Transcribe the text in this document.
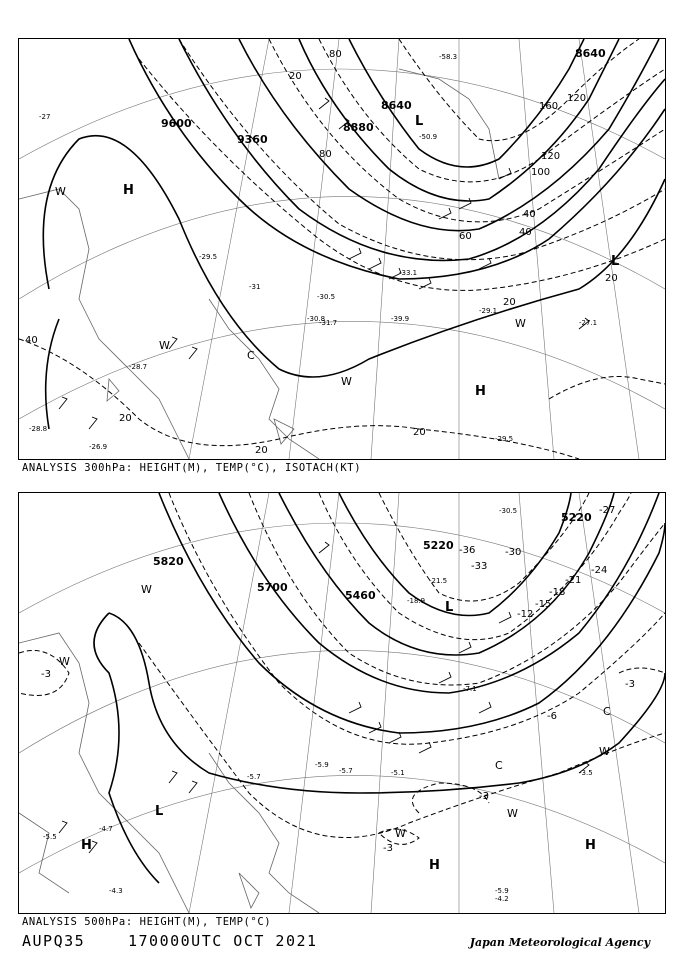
9600
9360
8880
8640
8640
20
40
20
40
80
120
160
100
40
60
20
20
20
20
120
80
H
H
L
L
W
C
W
W
W
-27
-31
-29.5
-28.7
-30.5
-33.1
-30.8
-31.7
-29.1
-39.9
-50.9
-58.3
-28.8
-29.5
-26.9
-27.1
ANALYSIS 300hPa: HEIGHT(M), TEMP(°C), ISOTACH(KT)
5820
5700
5460
5220
5220
-3
-3
-3
-3
-30
-36
-33
-27
-24
-21
-18
-15
-12
-6
H
H
H
L
L
W
W
W
C
C
W
W
-5.5
-4.7
-5.7	-3.5
-5.1
-4.3
-5.9
-5.7
-7.1
-4.2
-5.9
-18.9
-30.5
-21.5
ANALYSIS 500hPa: HEIGHT(M), TEMP(°C)
AUPQ35	170000UTC OCT 2021	Japan Meteorological Agency
